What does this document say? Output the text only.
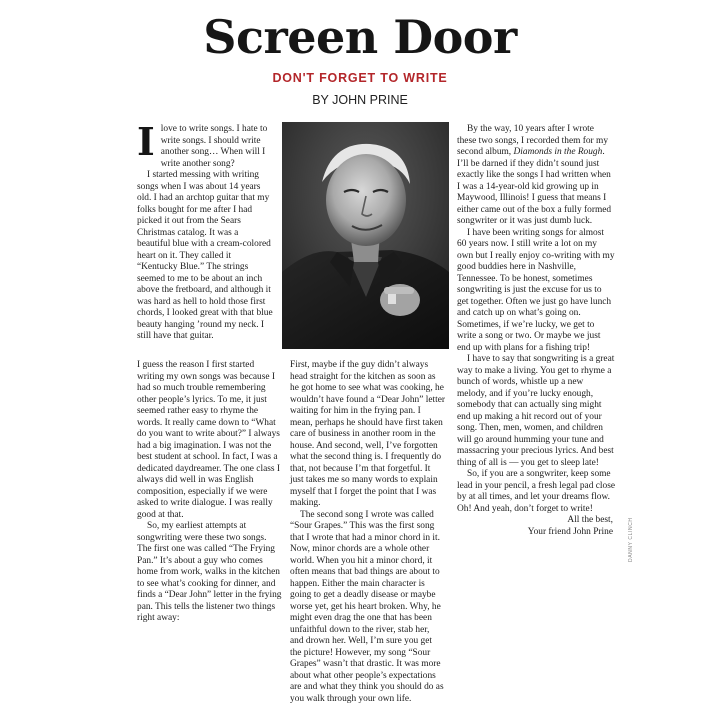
Screen Door
DON'T FORGET TO WRITE
BY JOHN PRINE

I love to write songs. I hate to write songs. I should write another song… When will I write another song?

I started messing with writing songs when I was about 14 years old. I had an archtop guitar that my folks bought for me after I had picked it out from the Sears Christmas catalog. It was a beautiful blue with a cream-colored heart on it. They called it “Kentucky Blue.” The strings seemed to me to be about an inch above the fretboard, and although it was hard as hell to hold those first chords, I looked great with that blue beauty hanging ’round my neck. I still have that guitar.

I guess the reason I first started writing my own songs was because I had so much trouble remembering other people’s lyrics. To me, it just seemed rather easy to rhyme the words. It really came down to “What do you want to write about?” I always had a big imagination. I was not the best student at school. In fact, I was a dedicated daydreamer. The one class I always did well in was English composition, especially if we were asked to write dialogue. I was really good at that.

So, my earliest attempts at songwriting were these two songs. The first one was called “The Frying Pan.” It’s about a guy who comes home from work, walks in the kitchen to see what’s cooking for dinner, and finds a “Dear John” letter in the frying pan. This tells the listener two things right away:

First, maybe if the guy didn’t always head straight for the kitchen as soon as he got home to see what was cooking, he wouldn’t have found a “Dear John” letter waiting for him in the frying pan. I mean, perhaps he should have first taken care of business in another room in the house. And second, well, I’ve forgotten what the second thing is. I frequently do that, not because I’m that forgetful. It just takes me so many words to explain myself that I forget the point that I was making.

The second song I wrote was called “Sour Grapes.” This was the first song that I wrote that had a minor chord in it. Now, minor chords are a whole other world. When you hit a minor chord, it often means that bad things are about to happen. Either the main character is going to get a deadly disease or maybe worse yet, get his heart broken. Why, he might even drag the one that has been unfaithful down to the river, stab her, and drown her. Well, I’m sure you get the picture! However, my song “Sour Grapes” wasn’t that drastic. It was more about what other people’s expectations are and what they think you should do as you walk through your own life.

By the way, 10 years after I wrote these two songs, I recorded them for my second album, Diamonds in the Rough. I’ll be darned if they didn’t sound just exactly like the songs I had written when I was a 14-year-old kid growing up in Maywood, Illinois! I guess that means I either came out of the box a fully formed songwriter or it was just dumb luck.

I have been writing songs for almost 60 years now. I still write a lot on my own but I really enjoy co-writing with my good buddies here in Nashville, Tennessee. To be honest, sometimes songwriting is just the excuse for us to get together. Often we just go have lunch and catch up on what’s going on. Sometimes, if we’re lucky, we get to write a song or two. Or maybe we just end up with plans for a fishing trip!

I have to say that songwriting is a great way to make a living. You get to rhyme a bunch of words, whistle up a new melody, and if you’re lucky enough, somebody that can actually sing might end up making a hit record out of your song. Then, men, women, and children will go around humming your tune and massacring your precious lyrics. And best thing of all is — you get to sleep late!

So, if you are a songwriter, keep some lead in your pencil, a fresh legal pad close by at all times, and let your dreams flow. Oh! And yeah, don’t forget to write!

All the best,

Your friend John Prine	DANNY CLINCH
